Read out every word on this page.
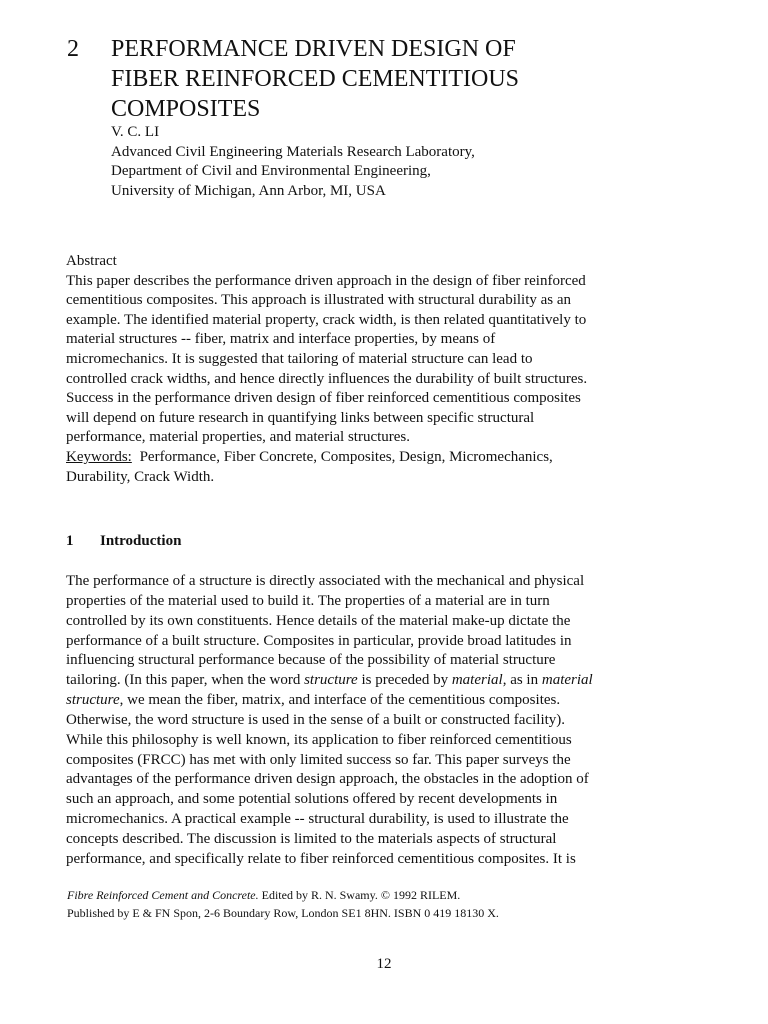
2 PERFORMANCE DRIVEN DESIGN OF
FIBER REINFORCED CEMENTITIOUS
COMPOSITES
V. C. LI
Advanced Civil Engineering Materials Research Laboratory,
Department of Civil and Environmental Engineering,
University of Michigan, Ann Arbor, MI, USA
Abstract
This paper describes the performance driven approach in the design of fiber reinforced
cementitious composites. This approach is illustrated with structural durability as an
example. The identified material property, crack width, is then related quantitatively to
material structures -- fiber, matrix and interface properties, by means of
micromechanics. It is suggested that tailoring of material structure can lead to
controlled crack widths, and hence directly influences the durability of built structures.
Success in the performance driven design of fiber reinforced cementitious composites
will depend on future research in quantifying links between specific structural
performance, material properties, and material structures.
Keywords: Performance, Fiber Concrete, Composites, Design, Micromechanics,
Durability, Crack Width.
1 Introduction
The performance of a structure is directly associated with the mechanical and physical
properties of the material used to build it. The properties of a material are in turn
controlled by its own constituents. Hence details of the material make-up dictate the
performance of a built structure. Composites in particular, provide broad latitudes in
influencing structural performance because of the possibility of material structure
tailoring. (In this paper, when the word structure is preceded by material, as in material
structure, we mean the fiber, matrix, and interface of the cementitious composites.
Otherwise, the word structure is used in the sense of a built or constructed facility).
While this philosophy is well known, its application to fiber reinforced cementitious
composites (FRCC) has met with only limited success so far. This paper surveys the
advantages of the performance driven design approach, the obstacles in the adoption of
such an approach, and some potential solutions offered by recent developments in
micromechanics. A practical example -- structural durability, is used to illustrate the
concepts described. The discussion is limited to the materials aspects of structural
performance, and specifically relate to fiber reinforced cementitious composites. It is
Fibre Reinforced Cement and Concrete. Edited by R. N. Swamy. © 1992 RILEM.
Published by E & FN Spon, 2-6 Boundary Row, London SE1 8HN. ISBN 0 419 18130 X.
12
